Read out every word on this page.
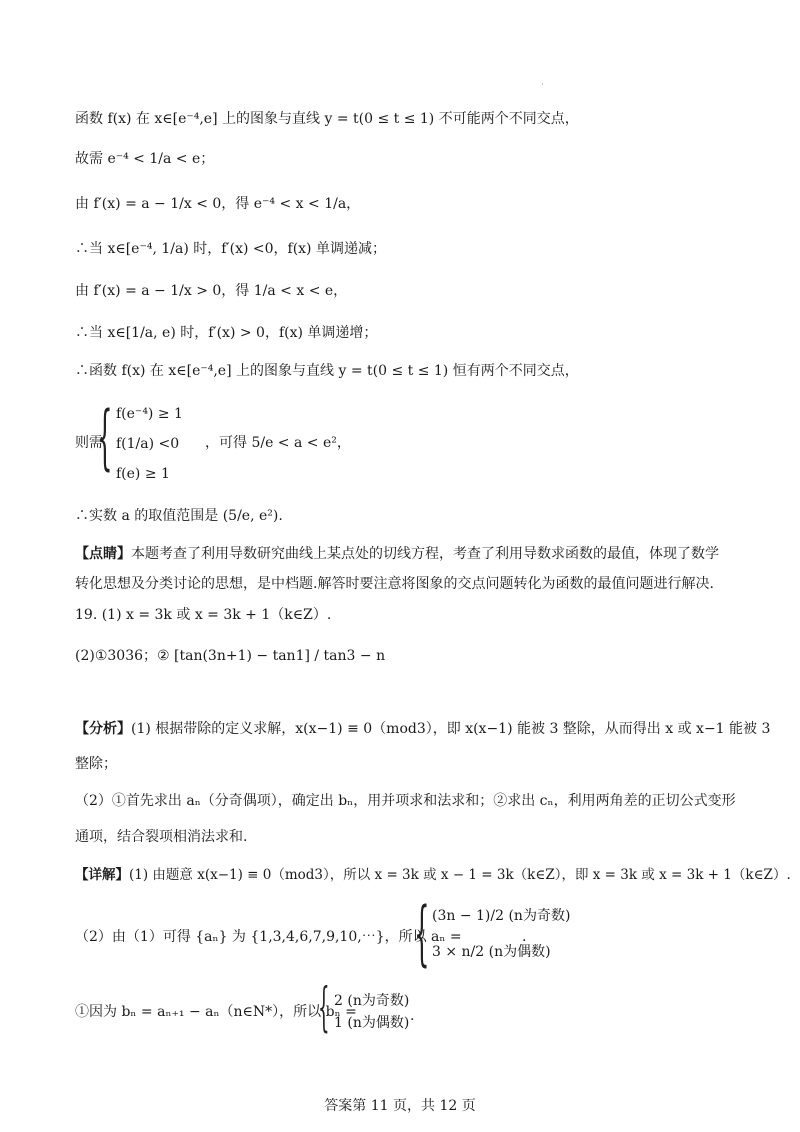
·
函数 f(x) 在 x∈[e⁻⁴,e] 上的图象与直线 y = t(0 ≤ t ≤ 1) 不可能两个不同交点，
故需 e⁻⁴ < 1/a < e；
由 f′(x) = a − 1/x < 0，得 e⁻⁴ < x < 1/a，
∴当 x∈[e⁻⁴, 1/a) 时，f′(x) <0，f(x) 单调递减；
由 f′(x) = a − 1/x > 0，得 1/a < x < e，
∴当 x∈[1/a, e) 时，f′(x) > 0，f(x) 单调递增；
∴函数 f(x) 在 x∈[e⁻⁴,e] 上的图象与直线 y = t(0 ≤ t ≤ 1) 恒有两个不同交点，
则需
{ f(e⁻⁴) ≥ 1
f(1/a) <0
f(e) ≥ 1
，可得 5/e < a < e²，
∴实数 a 的取值范围是 (5/e, e²).
【点睛】本题考查了利用导数研究曲线上某点处的切线方程，考查了利用导数求函数的最值，体现了数学
转化思想及分类讨论的思想，是中档题.解答时要注意将图象的交点问题转化为函数的最值问题进行解决.
19. (1) x = 3k 或 x = 3k + 1（k∈Z）.
(2)①3036；② [tan(3n+1) − tan1] / tan3 − n
【分析】(1) 根据带除的定义求解，x(x−1) ≡ 0（mod3），即 x(x−1) 能被 3 整除，从而得出 x 或 x−1 能被 3
整除；
（2）①首先求出 aₙ（分奇偶项），确定出 bₙ，用并项求和法求和；②求出 cₙ，利用两角差的正切公式变形
通项，结合裂项相消法求和.
【详解】(1) 由题意 x(x−1) ≡ 0（mod3），所以 x = 3k 或 x − 1 = 3k（k∈Z），即 x = 3k 或 x = 3k + 1（k∈Z）.
（2）由（1）可得 {aₙ} 为 {1,3,4,6,7,9,10,⋯}，所以 aₙ =
{ (3n − 1)/2 (n为奇数)
3 × n/2 (n为偶数)
.
①因为 bₙ = aₙ₊₁ − aₙ（n∈N*），所以 bₙ =
{ 2 (n为奇数)
1 (n为偶数) .
答案第 11 页，共 12 页
